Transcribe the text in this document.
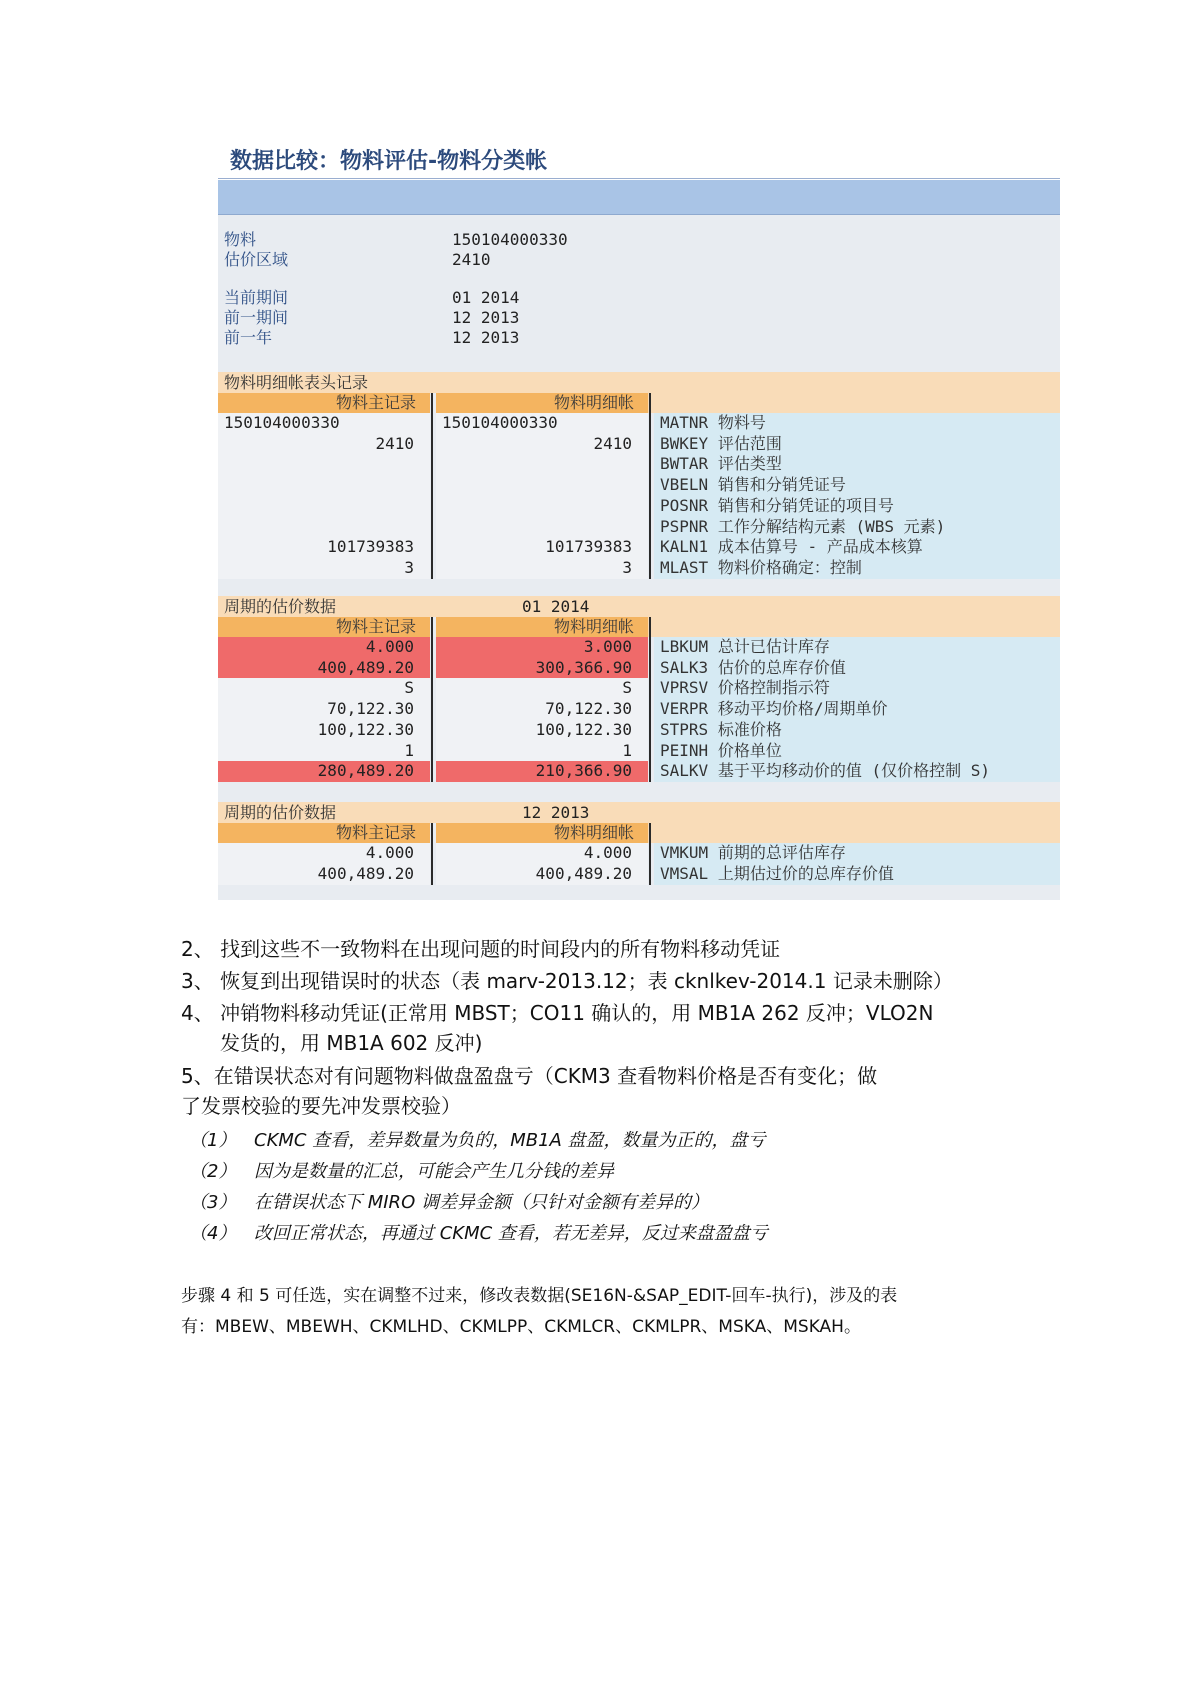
数据比较：物料评估-物料分类帐
物料	150104000330
估价区域	2410
当前期间	01 2014
前一期间	12 2013
前一年	12 2013
物料明细帐表头记录
物料主记录	物料明细帐
150104000330	150104000330	MATNR 物料号
2410	2410	BWKEY 评估范围
BWTAR 评估类型
VBELN 销售和分销凭证号
POSNR 销售和分销凭证的项目号
PSPNR 工作分解结构元素 (WBS 元素)
101739383	101739383	KALN1 成本估算号 - 产品成本核算
3	3	MLAST 物料价格确定：控制
周期的估价数据	01 2014
物料主记录	物料明细帐
4.000	3.000	LBKUM 总计已估计库存
400,489.20	300,366.90	SALK3 估价的总库存价值
S	S	VPRSV 价格控制指示符
70,122.30	70,122.30	VERPR 移动平均价格/周期单价
100,122.30	100,122.30	STPRS 标准价格
1	1	PEINH 价格单位
280,489.20	210,366.90	SALKV 基于平均移动价的值 (仅价格控制 S)
周期的估价数据	12 2013
物料主记录	物料明细帐
4.000	4.000	VMKUM 前期的总评估库存
400,489.20	400,489.20	VMSAL 上期估过价的总库存价值
2、 找到这些不一致物料在出现问题的时间段内的所有物料移动凭证
3、 恢复到出现错误时的状态（表 marv-2013.12；表 cknlkev-2014.1 记录未删除）
4、 冲销物料移动凭证(正常用 MBST；CO11 确认的，用 MB1A 262 反冲；VLO2N
发货的，用 MB1A 602 反冲)
5、在错误状态对有问题物料做盘盈盘亏（CKM3 查看物料价格是否有变化；做
了发票校验的要先冲发票校验）
（1） CKMC 查看，差异数量为负的，MB1A 盘盈，数量为正的，盘亏
（2） 因为是数量的汇总，可能会产生几分钱的差异
（3） 在错误状态下 MIRO 调差异金额（只针对金额有差异的）
（4） 改回正常状态，再通过 CKMC 查看，若无差异，反过来盘盈盘亏
步骤 4 和 5 可任选，实在调整不过来，修改表数据(SE16N-&SAP_EDIT-回车-执行)，涉及的表
有：MBEW、MBEWH、CKMLHD、CKMLPP、CKMLCR、CKMLPR、MSKA、MSKAH。
